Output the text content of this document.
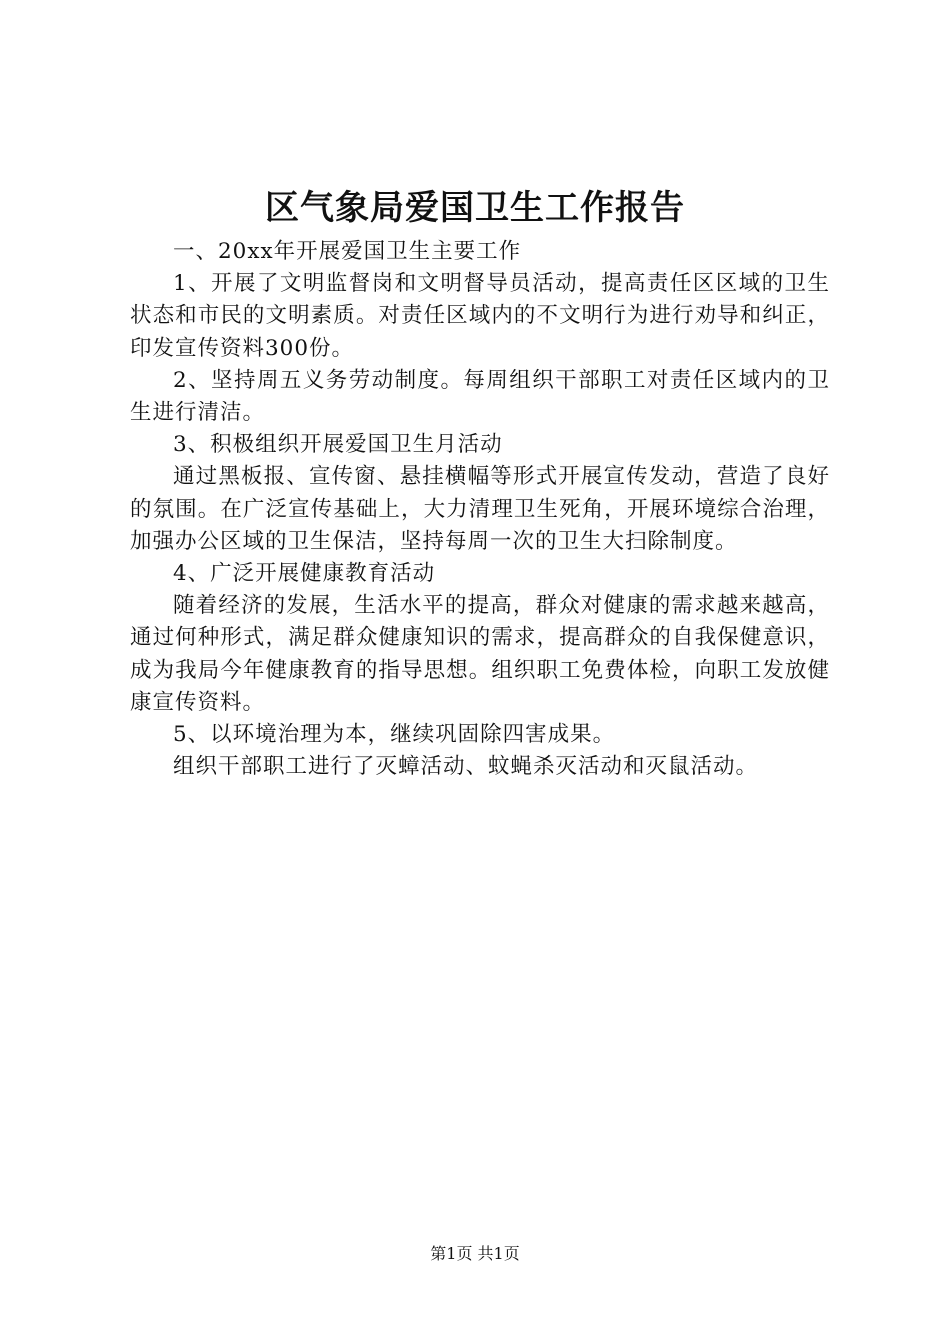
区气象局爱国卫生工作报告

一、20xx年开展爱国卫生主要工作

1、开展了文明监督岗和文明督导员活动，提高责任区区域的卫生状态和市民的文明素质。对责任区域内的不文明行为进行劝导和纠正，印发宣传资料300份。

2、坚持周五义务劳动制度。每周组织干部职工对责任区域内的卫生进行清洁。

3、积极组织开展爱国卫生月活动

通过黑板报、宣传窗、悬挂横幅等形式开展宣传发动，营造了良好的氛围。在广泛宣传基础上，大力清理卫生死角，开展环境综合治理，加强办公区域的卫生保洁，坚持每周一次的卫生大扫除制度。

4、广泛开展健康教育活动

随着经济的发展，生活水平的提高，群众对健康的需求越来越高，通过何种形式，满足群众健康知识的需求，提高群众的自我保健意识，成为我局今年健康教育的指导思想。组织职工免费体检，向职工发放健康宣传资料。

5、以环境治理为本，继续巩固除四害成果。

组织干部职工进行了灭蟑活动、蚊蝇杀灭活动和灭鼠活动。

第1页 共1页
